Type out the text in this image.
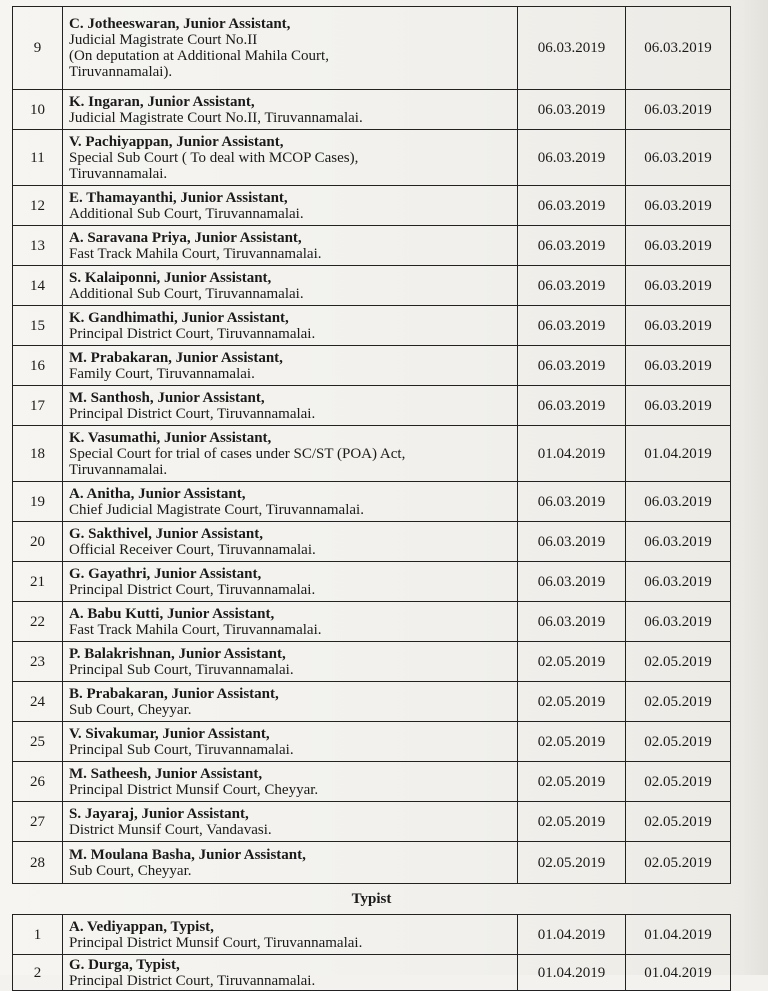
9	C. Jotheeswaran, Junior Assistant,
Judicial Magistrate Court No.II
(On deputation at Additional Mahila Court,
Tiruvannamalai).	06.03.2019	06.03.2019
10	K. Ingaran, Junior Assistant,
Judicial Magistrate Court No.II, Tiruvannamalai.	06.03.2019	06.03.2019
11	V. Pachiyappan, Junior Assistant,
Special Sub Court ( To deal with MCOP Cases),
Tiruvannamalai.	06.03.2019	06.03.2019
12	E. Thamayanthi, Junior Assistant,
Additional Sub Court, Tiruvannamalai.	06.03.2019	06.03.2019
13	A. Saravana Priya, Junior Assistant,
Fast Track Mahila Court, Tiruvannamalai.	06.03.2019	06.03.2019
14	S. Kalaiponni, Junior Assistant,
Additional Sub Court, Tiruvannamalai.	06.03.2019	06.03.2019
15	K. Gandhimathi, Junior Assistant,
Principal District Court, Tiruvannamalai.	06.03.2019	06.03.2019
16	M. Prabakaran, Junior Assistant,
Family Court, Tiruvannamalai.	06.03.2019	06.03.2019
17	M. Santhosh, Junior Assistant,
Principal District Court, Tiruvannamalai.	06.03.2019	06.03.2019
18	K. Vasumathi, Junior Assistant,
Special Court for trial of cases under SC/ST (POA) Act,
Tiruvannamalai.	01.04.2019	01.04.2019
19	A. Anitha, Junior Assistant,
Chief Judicial Magistrate Court, Tiruvannamalai.	06.03.2019	06.03.2019
20	G. Sakthivel, Junior Assistant,
Official Receiver Court, Tiruvannamalai.	06.03.2019	06.03.2019
21	G. Gayathri, Junior Assistant,
Principal District Court, Tiruvannamalai.	06.03.2019	06.03.2019
22	A. Babu Kutti, Junior Assistant,
Fast Track Mahila Court, Tiruvannamalai.	06.03.2019	06.03.2019
23	P. Balakrishnan, Junior Assistant,
Principal Sub Court, Tiruvannamalai.	02.05.2019	02.05.2019
24	B. Prabakaran, Junior Assistant,
Sub Court, Cheyyar.	02.05.2019	02.05.2019
25	V. Sivakumar, Junior Assistant,
Principal Sub Court, Tiruvannamalai.	02.05.2019	02.05.2019
26	M. Satheesh, Junior Assistant,
Principal District Munsif Court, Cheyyar.	02.05.2019	02.05.2019
27	S. Jayaraj, Junior Assistant,
District Munsif Court, Vandavasi.	02.05.2019	02.05.2019
28	M. Moulana Basha, Junior Assistant,
Sub Court, Cheyyar.	02.05.2019	02.05.2019
Typist			
1	A. Vediyappan, Typist,
Principal District Munsif Court, Tiruvannamalai.	01.04.2019	01.04.2019
2	G. Durga, Typist,
Principal District Court, Tiruvannamalai.	01.04.2019	01.04.2019
